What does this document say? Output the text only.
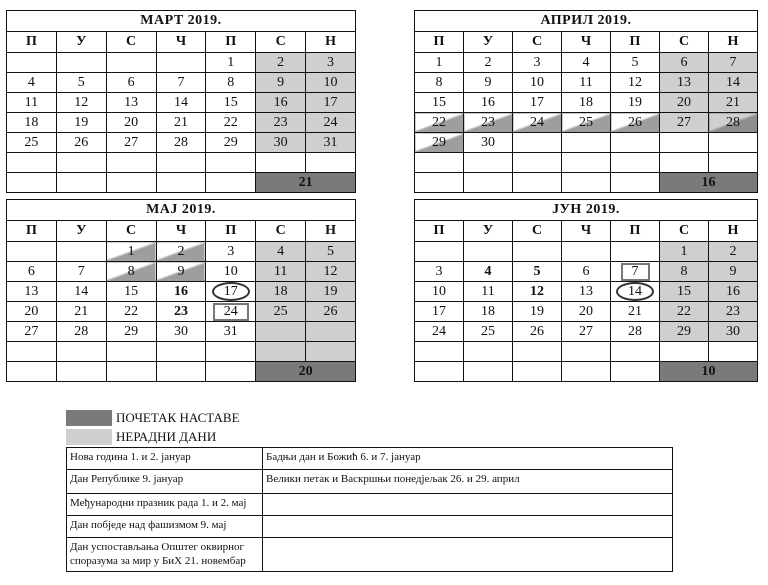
МАРТ 2019.						
П	У	С	Ч	П	С	Н
				1	2	3
4	5	6	7	8	9	10
11	12	13	14	15	16	17
18	19	20	21	22	23	24
25	26	27	28	29	30	31

					21	
АПРИЛ 2019.						
П	У	С	Ч	П	С	Н
1	2	3	4	5	6	7
8	9	10	11	12	13	14
15	16	17	18	19	20	21
22	23	24	25	26	27	28
29	30					

					16	
МАЈ 2019.						
П	У	С	Ч	П	С	Н
		1	2	3	4	5
6	7	8	9	10	11	12
13	14	15	16	17	18	19
20	21	22	23	24	25	26
27	28	29	30	31		

					20	
ЈУН 2019.						
П	У	С	Ч	П	С	Н
					1	2
3	4	5	6	7	8	9
10	11	12	13	14	15	16
17	18	19	20	21	22	23
24	25	26	27	28	29	30

					10	
ПОЧЕТАК НАСТАВЕ
НЕРАДНИ ДАНИ
Нова година 1. и 2. јануар	Бадњи дан и Божић 6. и 7. јануар
Дан Републике 9. јануар	Велики петак и Васкршњи понедјељак 26. и 29. април
Међународни празник рада 1. и 2. мај	
Дан побједе над фашизмом 9. мај	
Дан успостављања Општег оквирног споразума за мир у БиХ 21. новембар	
